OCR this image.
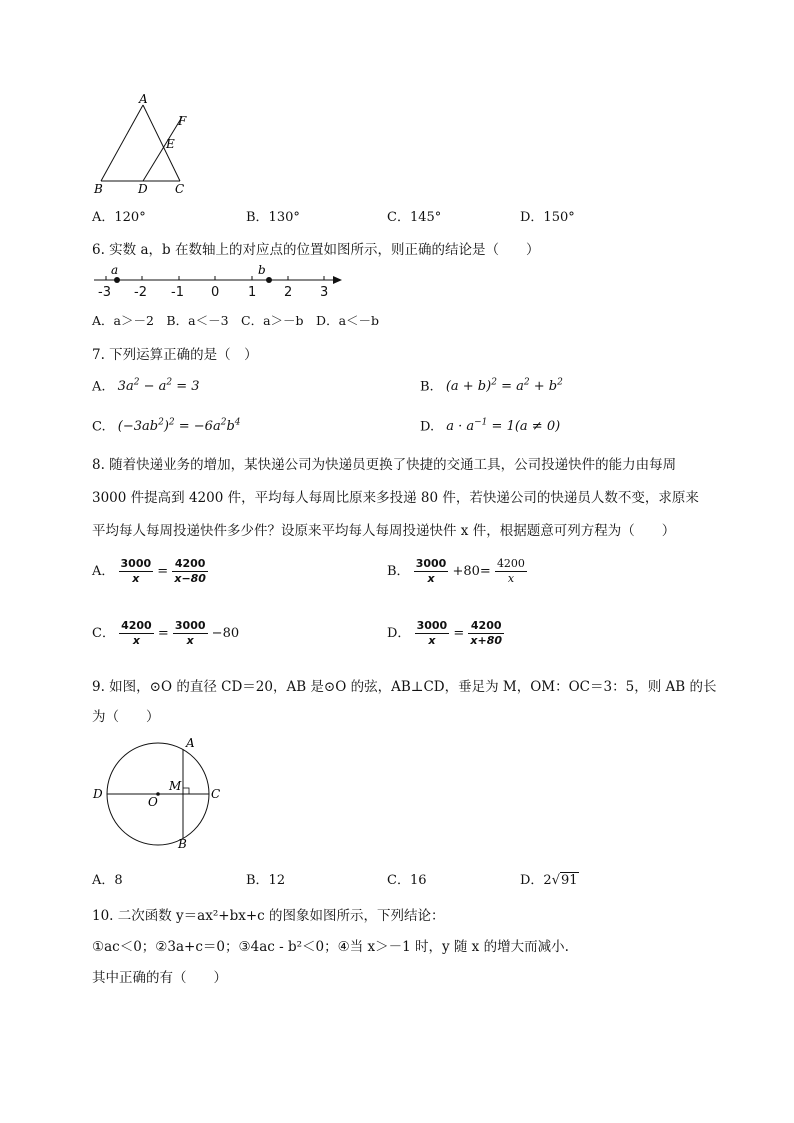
A
F
E
B	D C
A．120°	B．130°	C．145°	D．150°
6. 实数 a，b 在数轴上的对应点的位置如图所示，则正确的结论是（　　）
a	b
-3 -2 -1 0 1 2 3
A．a＞－2　B．a＜－3　C．a＞－b　D．a＜－b
7. 下列运算正确的是（　）
A. $3a^2 - a^2 = 3$	B. $(a + b)^2 = a^2 + b^2$
C. $(-3ab^2)^2 = -6a^2b^4$	D. $a \cdot a^{-1} = 1(a \ne 0)$
8. 随着快递业务的增加，某快递公司为快递员更换了快捷的交通工具，公司投递快件的能力由每周
3000 件提高到 4200 件，平均每人每周比原来多投递 80 件，若快递公司的快递员人数不变，求原来
平均每人每周投递快件多少件？设原来平均每人每周投递快件 x 件，根据题意可列方程为（　　）
A． $\frac{3000}{x} = \frac{4200}{x-80}$	B． $\frac{3000}{x} +80= \frac{4200}{x}$
C． $\frac{4200}{x} = \frac{3000}{x} -80$	D． $\frac{3000}{x} = \frac{4200}{x+80}$
9. 如图，⊙O 的直径 CD＝20，AB 是⊙O 的弦，AB⊥CD，垂足为 M，OM：OC＝3：5，则 AB 的长
为（　　）
A
B
C
D
M
O
A．8	B．12	C．16	D．2√91
10. 二次函数 y＝ax²+bx+c 的图象如图所示，下列结论：
①ac＜0；②3a+c＝0；③4ac - b²＜0；④当 x＞－1 时，y 随 x 的增大而减小.
其中正确的有（　　）
